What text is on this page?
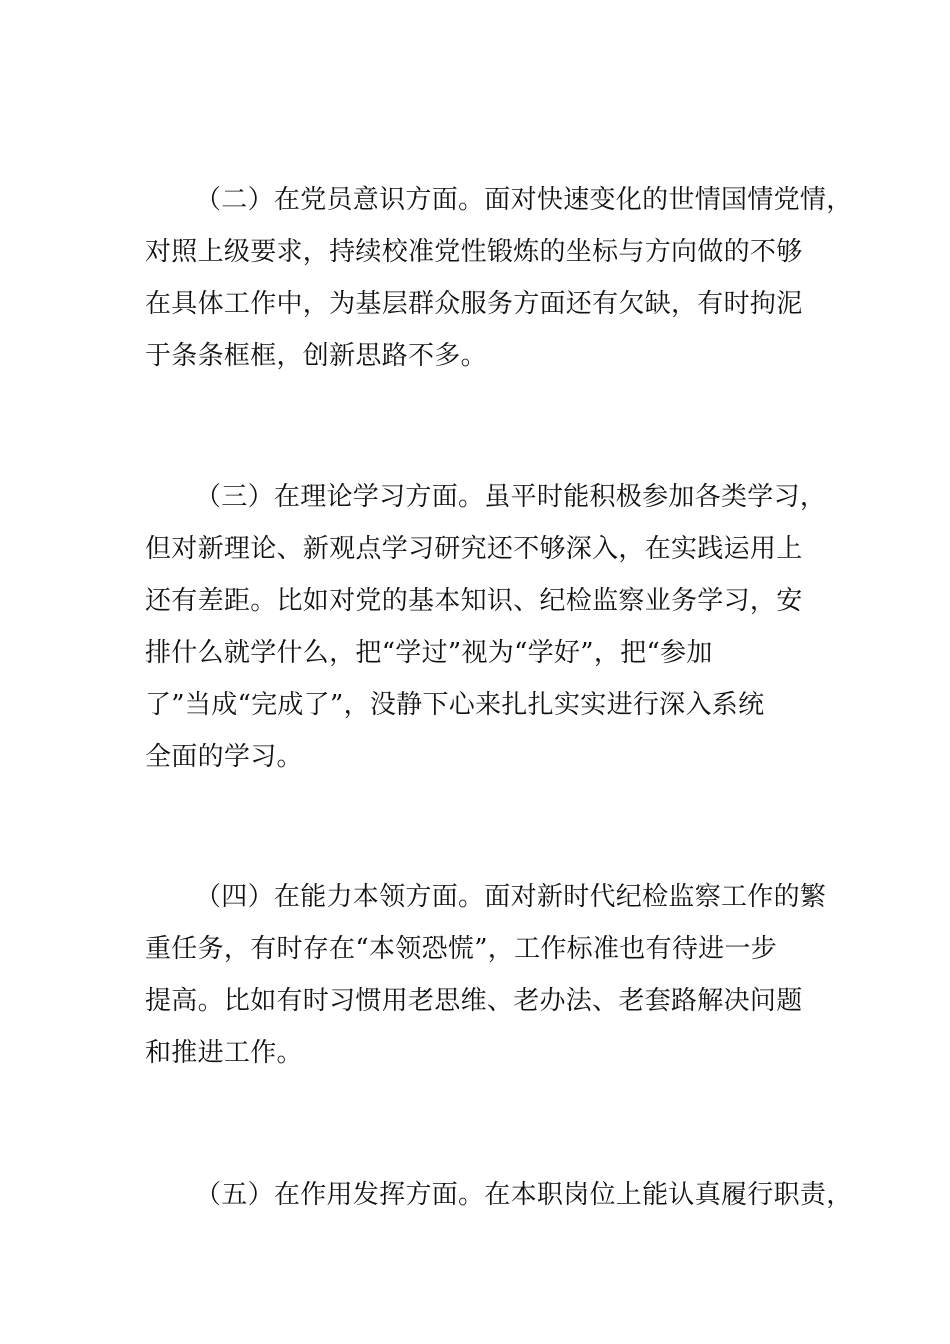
（二）在党员意识方面。面对快速变化的世情国情党情，
对照上级要求，持续校准党性锻炼的坐标与方向做的不够
在具体工作中，为基层群众服务方面还有欠缺，有时拘泥
于条条框框，创新思路不多。
（三）在理论学习方面。虽平时能积极参加各类学习，
但对新理论、新观点学习研究还不够深入，在实践运用上
还有差距。比如对党的基本知识、纪检监察业务学习，安
排什么就学什么，把“学过”视为“学好”，把“参加
了”当成“完成了”，没静下心来扎扎实实进行深入系统
全面的学习。
（四）在能力本领方面。面对新时代纪检监察工作的繁
重任务，有时存在“本领恐慌”，工作标准也有待进一步
提高。比如有时习惯用老思维、老办法、老套路解决问题
和推进工作。
（五）在作用发挥方面。在本职岗位上能认真履行职责，
